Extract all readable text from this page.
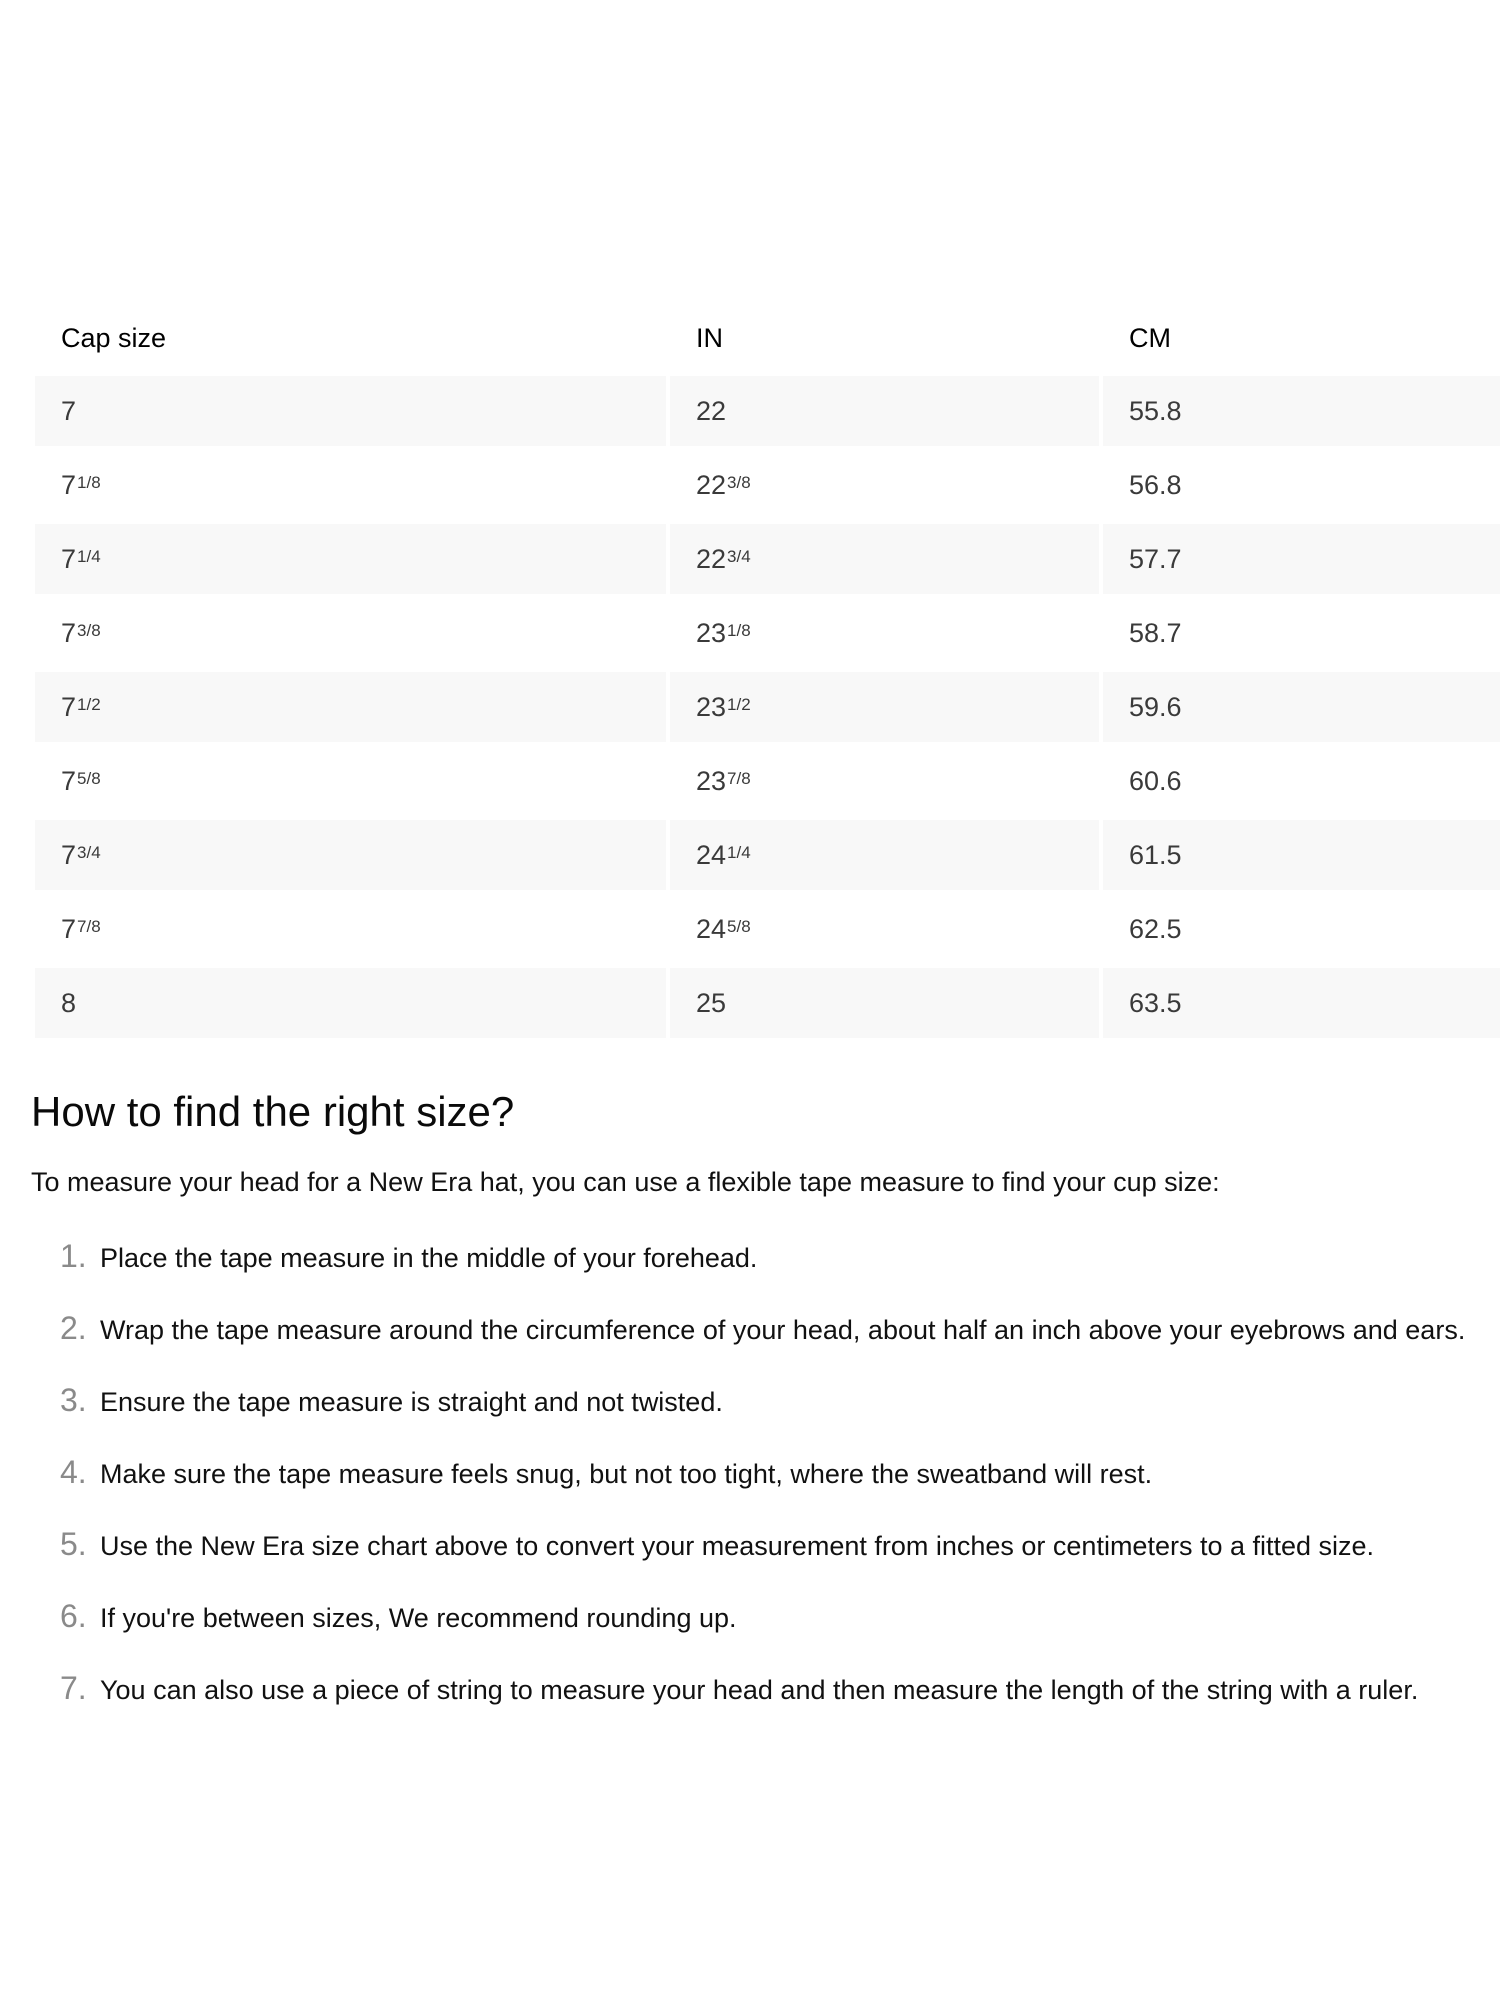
Cap size	IN	CM
7	22	55.8
$7^{1/8}$	$22^{3/8}$	56.8
$7^{1/4}$	$22^{3/4}$	57.7
$7^{3/8}$	$23^{1/8}$	58.7
$7^{1/2}$	$23^{1/2}$	59.6
$7^{5/8}$	$23^{7/8}$	60.6
$7^{3/4}$	$24^{1/4}$	61.5
$7^{7/8}$	$24^{5/8}$	62.5
8	25	63.5
How to find the right size?

To measure your head for a New Era hat, you can use a flexible tape measure to find your cup size:

1. Place the tape measure in the middle of your forehead.
2. Wrap the tape measure around the circumference of your head, about half an inch above your eyebrows and ears.
3. Ensure the tape measure is straight and not twisted.
4. Make sure the tape measure feels snug, but not too tight, where the sweatband will rest.
5. Use the New Era size chart above to convert your measurement from inches or centimeters to a fitted size.
6. If you're between sizes, We recommend rounding up.
7. You can also use a piece of string to measure your head and then measure the length of the string with a ruler.
